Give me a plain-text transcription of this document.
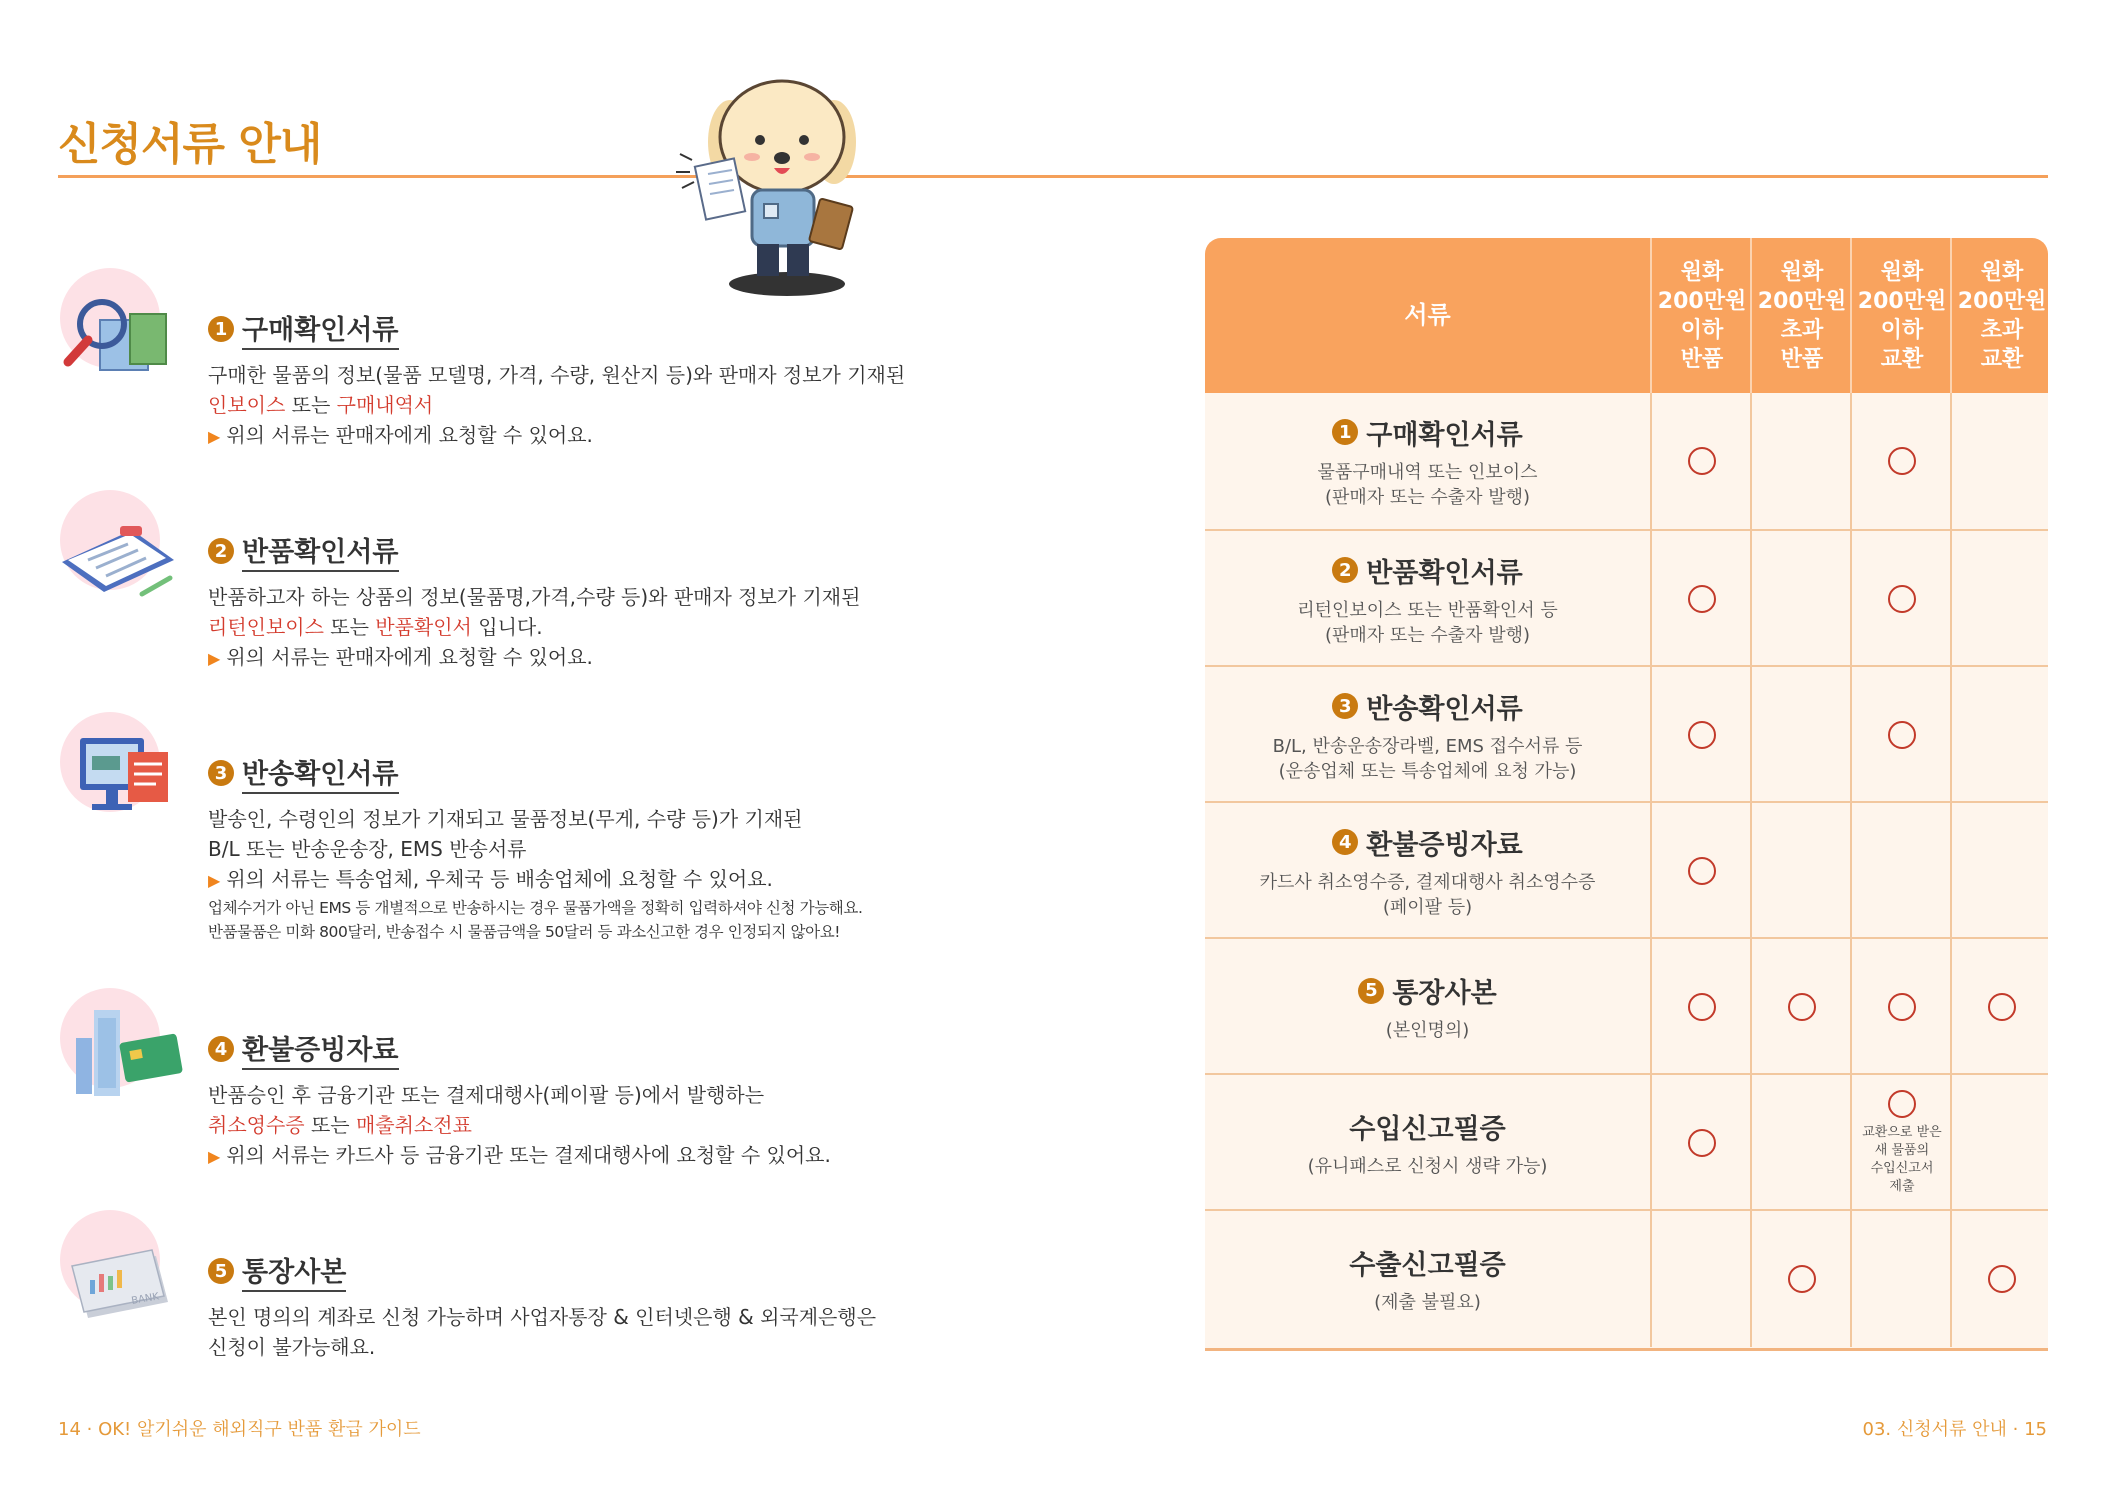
신청서류 안내
1 구매확인서류

구매한 물품의 정보(물품 모델명, 가격, 수량, 원산지 등)와 판매자 정보가 기재된

인보이스 또는 구매내역서

▶ 위의 서류는 판매자에게 요청할 수 있어요.

2 반품확인서류

반품하고자 하는 상품의 정보(물품명,가격,수량 등)와 판매자 정보가 기재된

리턴인보이스 또는 반품확인서 입니다.

▶ 위의 서류는 판매자에게 요청할 수 있어요.

3 반송확인서류

발송인, 수령인의 정보가 기재되고 물품정보(무게, 수량 등)가 기재된

B/L 또는 반송운송장, EMS 반송서류

▶ 위의 서류는 특송업체, 우체국 등 배송업체에 요청할 수 있어요.

업체수거가 아닌 EMS 등 개별적으로 반송하시는 경우 물품가액을 정확히 입력하셔야 신청 가능해요.

반품물품은 미화 800달러, 반송접수 시 물품금액을 50달러 등 과소신고한 경우 인정되지 않아요!

4 환불증빙자료

반품승인 후 금융기관 또는 결제대행사(페이팔 등)에서 발행하는

취소영수증 또는 매출취소전표

▶ 위의 서류는 카드사 등 금융기관 또는 결제대행사에 요청할 수 있어요.

BANK
5 통장사본

본인 명의의 계좌로 신청 가능하며 사업자통장 & 인터넷은행 & 외국계은행은

신청이 불가능해요.

서류
원화
200만원
이하
반품
원화
200만원
초과
반품
원화
200만원
이하
교환
원화
200만원
초과
교환
1 구매확인서류
물품구매내역 또는 인보이스
(판매자 또는 수출자 발행)
2 반품확인서류
리턴인보이스 또는 반품확인서 등
(판매자 또는 수출자 발행)
3 반송확인서류
B/L, 반송운송장라벨, EMS 접수서류 등
(운송업체 또는 특송업체에 요청 가능)
4 환불증빙자료
카드사 취소영수증, 결제대행사 취소영수증
(페이팔 등)
5 통장사본
(본인명의)
수입신고필증
(유니패스로 신청시 생략 가능)
교환으로 받은
새 물품의
수입신고서
제출
수출신고필증
(제출 불필요)
14 · OK! 알기쉬운 해외직구 반품 환급 가이드	03. 신청서류 안내 · 15
